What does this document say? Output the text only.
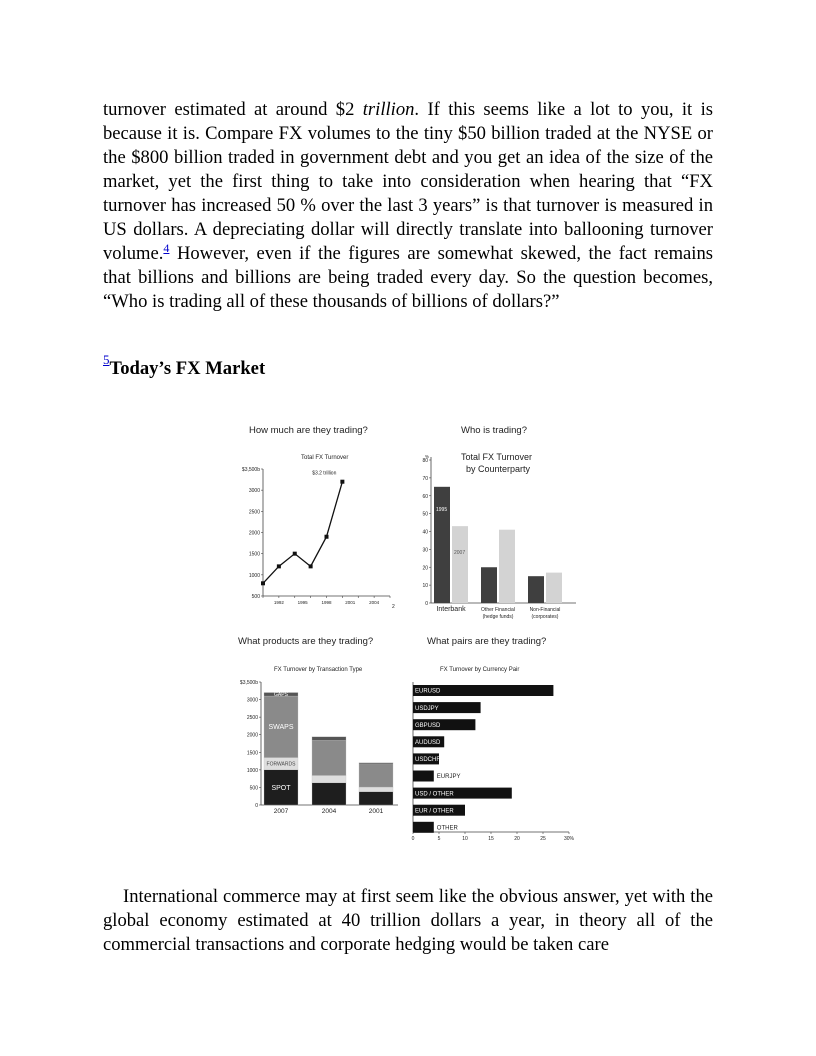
turnover estimated at around $2 trillion. If this seems like a lot to you, it is because it is. Compare FX volumes to the tiny $50 billion traded at the NYSE or the $800 billion traded in government debt and you get an idea of the size of the market, yet the first thing to take into consideration when hearing that “FX turnover has increased 50 % over the last 3 years” is that turnover is measured in US dollars. A depreciating dollar will directly translate into ballooning turnover volume.$^4$ However, even if the figures are somewhat skewed, the fact remains that billions and billions are being traded every day. So the question becomes, “Who is trading all of these thousands of billions of dollars?”

$^5$Today’s FX Market
How much are they trading?
Total FX Turnover
500
1000
1500
2000
2500
3000
$3,500b
1992	1995	1998	2001	2004
$3.2 trillion
2
Who is trading?
Total FX Turnover
by Counterparty
%
0
10
20
30
40
50
60
70
80
1995
2007
Interbank	Other Financial
(hedge funds)
Non-Financial
(corporates)
What products are they trading?
FX Turnover by Transaction Type
0
500
1000
1500
2000
2500
3000
$3,500b
SPOT
FORWARDS
SWAPS
GAPS
2007	2004	2001
What pairs are they trading?
FX Turnover by Currency Pair
0	5	10	15	20	25	30%
EURUSD
USDJPY
GBPUSD
AUDUSD
USDCHF
EURJPY
USD / OTHER
EUR / OTHER
OTHER

International commerce may at first seem like the obvious answer, yet with the global economy estimated at 40 trillion dollars a year, in theory all of the commercial transactions and corporate hedging would be taken care
